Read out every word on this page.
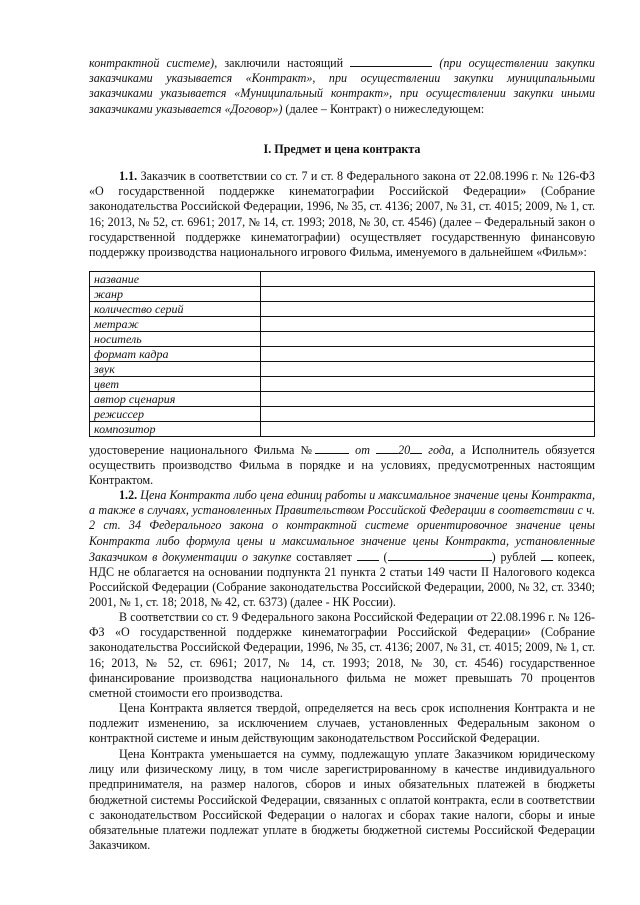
контрактной системе), заключили настоящий	(при осуществлении закупки заказчиками указывается «Контракт», при осуществлении закупки муниципальными заказчиками указывается «Муниципальный контракт», при осуществлении закупки иными заказчиками указывается «Договор») (далее – Контракт) о нижеследующем:

I. Предмет и цена контракта

1.1. Заказчик в соответствии со ст. 7 и ст. 8 Федерального закона от 22.08.1996 г. № 126-ФЗ «О государственной поддержке кинематографии Российской Федерации» (Собрание законодательства Российской Федерации, 1996, № 35, ст. 4136; 2007, № 31, ст. 4015; 2009, № 1, ст. 16; 2013, № 52, ст. 6961; 2017, № 14, ст. 1993; 2018, № 30, ст. 4546) (далее – Федеральный закон о государственной поддержке кинематографии) осуществляет государственную финансовую поддержку производства национального игрового Фильма, именуемого в дальнейшем «Фильм»:

название	
жанр	
количество серий	
метраж	
носитель	
формат кадра	
звук	
цвет	
автор сценария	
режиссер	
композитор	

удостоверение национального Фильма №	от 20 года, а Исполнитель обязуется осуществить производство Фильма в порядке и на условиях, предусмотренных настоящим Контрактом.

1.2. Цена Контракта либо цена единиц работы и максимальное значение цены Контракта, а также в случаях, установленных Правительством Российской Федерации в соответствии с ч. 2 ст. 34 Федерального закона о контрактной системе ориентировочное значение цены Контракта либо формула цены и максимальное значение цены Контракта, установленные Заказчиком в документации о закупке составляет  (	) рублей  копеек, НДС не облагается на основании подпункта 21 пункта 2 статьи 149 части II Налогового кодекса Российской Федерации (Собрание законодательства Российской Федерации, 2000, № 32, ст. 3340; 2001, № 1, ст. 18; 2018, № 42, ст. 6373) (далее - НК России).

В соответствии со ст. 9 Федерального закона Российской Федерации от 22.08.1996 г. № 126-ФЗ «О государственной поддержке кинематографии Российской Федерации» (Собрание законодательства Российской Федерации, 1996, № 35, ст. 4136; 2007, № 31, ст. 4015; 2009, № 1, ст. 16; 2013, № 52, ст. 6961; 2017, № 14, ст. 1993; 2018, № 30, ст. 4546) государственное финансирование производства национального фильма не может превышать 70 процентов сметной стоимости его производства.

Цена Контракта является твердой, определяется на весь срок исполнения Контракта и не подлежит изменению, за исключением случаев, установленных Федеральным законом о контрактной системе и иным действующим законодательством Российской Федерации.

Цена Контракта уменьшается на сумму, подлежащую уплате Заказчиком юридическому лицу или физическому лицу, в том числе зарегистрированному в качестве индивидуального предпринимателя, на размер налогов, сборов и иных обязательных платежей в бюджеты бюджетной системы Российской Федерации, связанных с оплатой контракта, если в соответствии с законодательством Российской Федерации о налогах и сборах такие налоги, сборы и иные обязательные платежи подлежат уплате в бюджеты бюджетной системы Российской Федерации Заказчиком.
